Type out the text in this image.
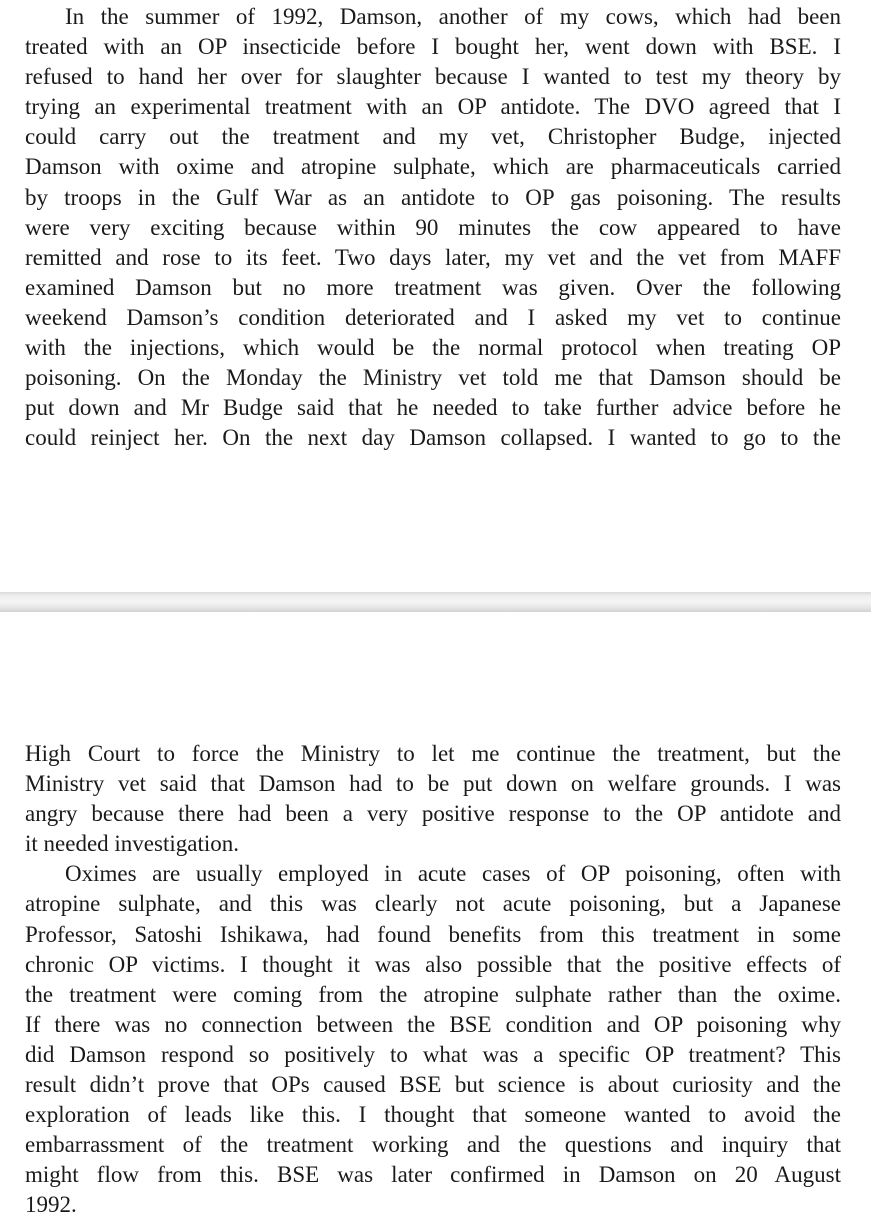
In the summer of 1992, Damson, another of my cows, which had been
treated with an OP insecticide before I bought her, went down with BSE. I
refused to hand her over for slaughter because I wanted to test my theory by
trying an experimental treatment with an OP antidote. The DVO agreed that I
could carry out the treatment and my vet, Christopher Budge, injected
Damson with oxime and atropine sulphate, which are pharmaceuticals carried
by troops in the Gulf War as an antidote to OP gas poisoning. The results
were very exciting because within 90 minutes the cow appeared to have
remitted and rose to its feet. Two days later, my vet and the vet from MAFF
examined Damson but no more treatment was given. Over the following
weekend Damson’s condition deteriorated and I asked my vet to continue
with the injections, which would be the normal protocol when treating OP
poisoning. On the Monday the Ministry vet told me that Damson should be
put down and Mr Budge said that he needed to take further advice before he
could reinject her. On the next day Damson collapsed. I wanted to go to the
High Court to force the Ministry to let me continue the treatment, but the
Ministry vet said that Damson had to be put down on welfare grounds. I was
angry because there had been a very positive response to the OP antidote and
it needed investigation.
Oximes are usually employed in acute cases of OP poisoning, often with
atropine sulphate, and this was clearly not acute poisoning, but a Japanese
Professor, Satoshi Ishikawa, had found benefits from this treatment in some
chronic OP victims. I thought it was also possible that the positive effects of
the treatment were coming from the atropine sulphate rather than the oxime.
If there was no connection between the BSE condition and OP poisoning why
did Damson respond so positively to what was a specific OP treatment? This
result didn’t prove that OPs caused BSE but science is about curiosity and the
exploration of leads like this. I thought that someone wanted to avoid the
embarrassment of the treatment working and the questions and inquiry that
might flow from this. BSE was later confirmed in Damson on 20 August
1992.
